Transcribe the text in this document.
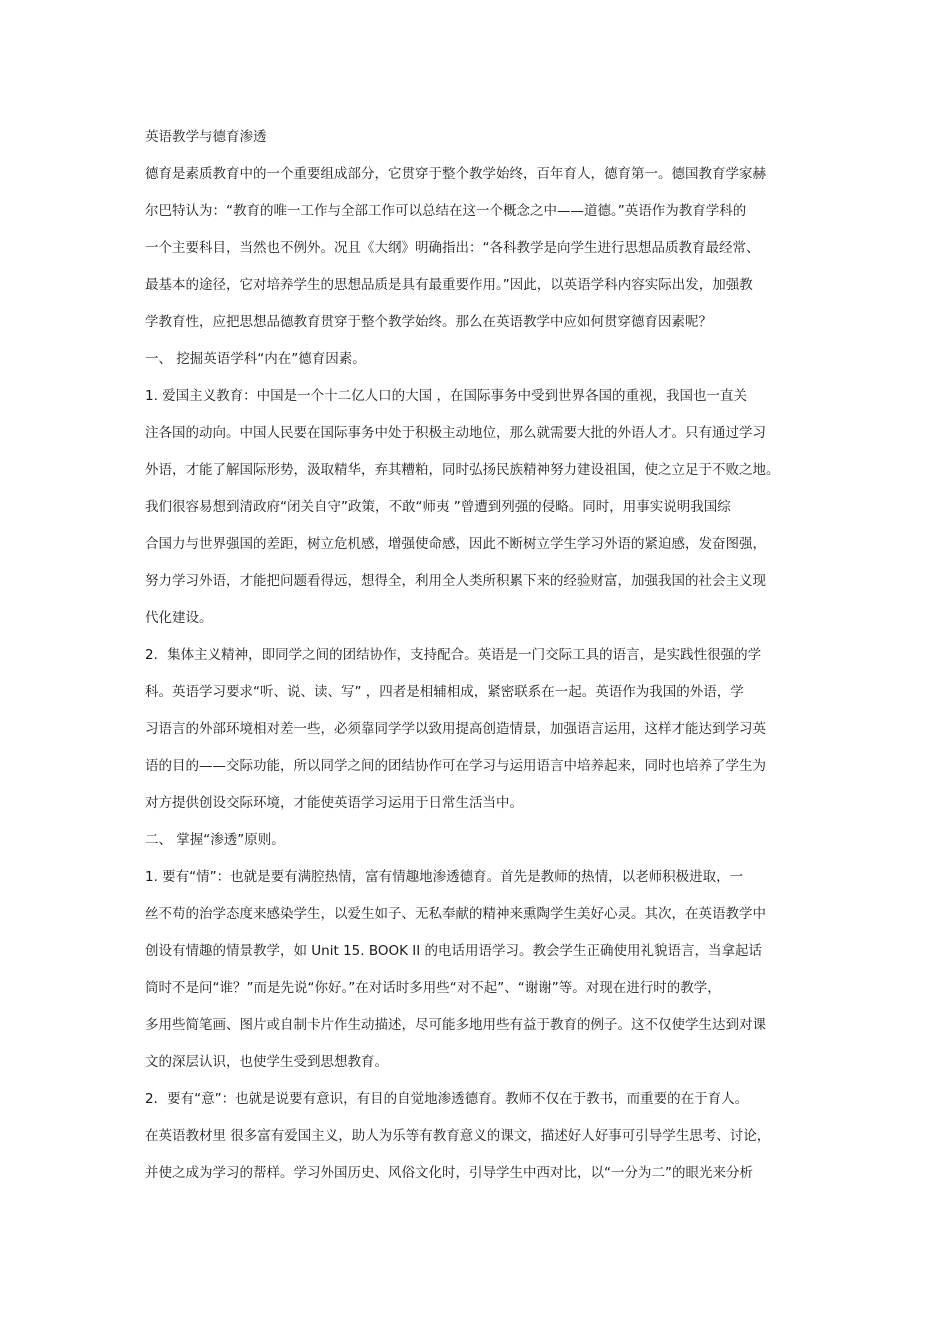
英语教学与德育渗透
德育是素质教育中的一个重要组成部分，它贯穿于整个教学始终，百年育人，德育第一。德国教育学家赫
尔巴特认为：“教育的唯一工作与全部工作可以总结在这一个概念之中——道德。”英语作为教育学科的
一个主要科目，当然也不例外。况且《大纲》明确指出：“各科教学是向学生进行思想品质教育最经常、
最基本的途径，它对培养学生的思想品质是具有最重要作用。”因此，以英语学科内容实际出发，加强教
学教育性，应把思想品德教育贯穿于整个教学始终。那么在英语教学中应如何贯穿德育因素呢？
一、 挖掘英语学科“内在”德育因素。
1. 爱国主义教育：中国是一个十二亿人口的大国 ，在国际事务中受到世界各国的重视，我国也一直关
注各国的动向。中国人民要在国际事务中处于积极主动地位，那么就需要大批的外语人才。只有通过学习
外语，才能了解国际形势，汲取精华，弃其糟粕，同时弘扬民族精神努力建设祖国，使之立足于不败之地。
我们很容易想到清政府“闭关自守”政策，不敢“师夷 ”曾遭到列强的侵略。同时，用事实说明我国综
合国力与世界强国的差距，树立危机感，增强使命感，因此不断树立学生学习外语的紧迫感，发奋图强，
努力学习外语，才能把问题看得远，想得全，利用全人类所积累下来的经验财富，加强我国的社会主义现
代化建设。
2．集体主义精神，即同学之间的团结协作，支持配合。英语是一门交际工具的语言，是实践性很强的学
科。英语学习要求“听、说、读、写” ，四者是相辅相成，紧密联系在一起。英语作为我国的外语，学
习语言的外部环境相对差一些，必须靠同学学以致用提高创造情景，加强语言运用，这样才能达到学习英
语的目的——交际功能，所以同学之间的团结协作可在学习与运用语言中培养起来，同时也培养了学生为
对方提供创设交际环境，才能使英语学习运用于日常生活当中。
二、 掌握“渗透”原则。
1. 要有“情”：也就是要有满腔热情，富有情趣地渗透德育。首先是教师的热情，以老师积极进取，一
丝不苟的治学态度来感染学生，以爱生如子、无私奉献的精神来熏陶学生美好心灵。其次，在英语教学中
创设有情趣的情景教学，如 Unit 15. BOOK II 的电话用语学习。教会学生正确使用礼貌语言，当拿起话
筒时不是问“谁？”而是先说“你好。”在对话时多用些“对不起”、“谢谢”等。对现在进行时的教学，
多用些简笔画、图片或自制卡片作生动描述，尽可能多地用些有益于教育的例子。这不仅使学生达到对课
文的深层认识，也使学生受到思想教育。
2．要有“意”：也就是说要有意识，有目的自觉地渗透德育。教师不仅在于教书，而重要的在于育人。
在英语教材里 很多富有爱国主义，助人为乐等有教育意义的课文，描述好人好事可引导学生思考、讨论，
并使之成为学习的帮样。学习外国历史、风俗文化时，引导学生中西对比，以“一分为二”的眼光来分析
